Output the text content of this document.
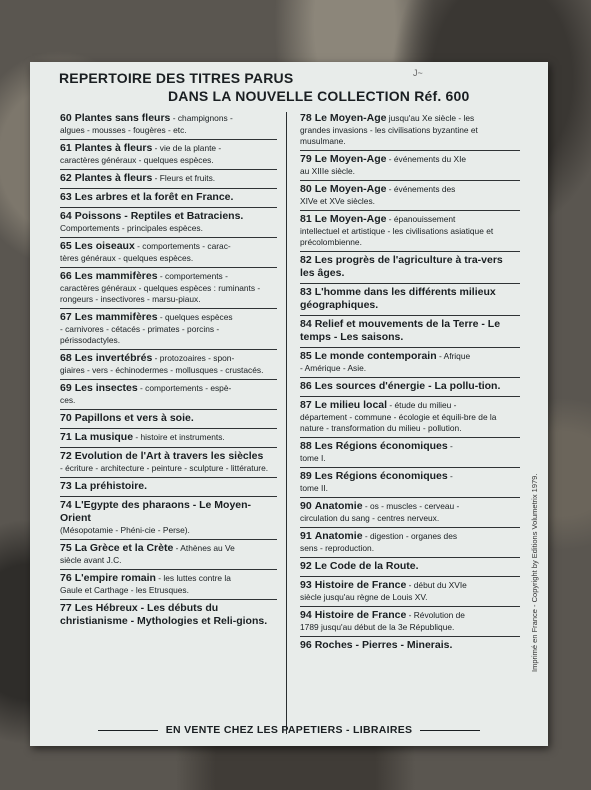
J~
REPERTOIRE DES TITRES PARUS
DANS LA NOUVELLE COLLECTION Réf. 600
60 Plantes sans fleurs - champignons -
algues - mousses - fougères - etc.
61 Plantes à fleurs - vie de la plante -
caractères généraux - quelques espèces.
62 Plantes à fleurs - Fleurs et fruits.
63 Les arbres et la forêt en France.
64 Poissons - Reptiles et Batraciens.
Comportements - principales espèces.
65 Les oiseaux - comportements - carac-
tères généraux - quelques espèces.
66 Les mammifères - comportements -
caractères généraux - quelques espèces : ruminants - rongeurs - insectivores - marsu-piaux.
67 Les mammifères - quelques espèces
- carnivores - cétacés - primates - porcins - périssodactyles.
68 Les invertébrés - protozoaires - spon-
giaires - vers - échinodermes - mollusques - crustacés.
69 Les insectes - comportements - espè-
ces.
70 Papillons et vers à soie.
71 La musique - histoire et instruments.
72 Evolution de l'Art à travers les siècles
- écriture - architecture - peinture - sculpture - littérature.
73 La préhistoire.
74 L'Egypte des pharaons - Le Moyen-Orient
(Mésopotamie - Phéni-cie - Perse).
75 La Grèce et la Crète - Athènes au Ve
siècle avant J.C.
76 L'empire romain - les luttes contre la
Gaule et Carthage - les Etrusques.
77 Les Hébreux - Les débuts du christianisme - Mythologies et Reli-gions.
78 Le Moyen-Age jusqu'au Xe siècle - les
grandes invasions - les civilisations byzantine et musulmane.
79 Le Moyen-Age - événements du XIe
au XIIIe siècle.
80 Le Moyen-Age - événements des
XIVe et XVe siècles.
81 Le Moyen-Age - épanouissement
intellectuel et artistique - les civilisations asiatique et précolombienne.
82 Les progrès de l'agriculture à tra-vers les âges.
83 L'homme dans les différents milieux géographiques.
84 Relief et mouvements de la Terre - Le temps - Les saisons.
85 Le monde contemporain - Afrique
- Amérique - Asie.
86 Les sources d'énergie - La pollu-tion.
87 Le milieu local - étude du milieu -
département - commune - écologie et équili-bre de la nature - transformation du milieu - pollution.
88 Les Régions économiques -
tome I.
89 Les Régions économiques -
tome II.
90 Anatomie - os - muscles - cerveau -
circulation du sang - centres nerveux.
91 Anatomie - digestion - organes des
sens - reproduction.
92 Le Code de la Route.
93 Histoire de France - début du XVIe
siècle jusqu'au règne de Louis XV.
94 Histoire de France - Révolution de
1789 jusqu'au début de la 3e République.
96 Roches - Pierres - Minerais.
EN VENTE CHEZ LES PAPETIERS - LIBRAIRES
Imprimé en France - Copyright by Editions Volumetrix 1979.
